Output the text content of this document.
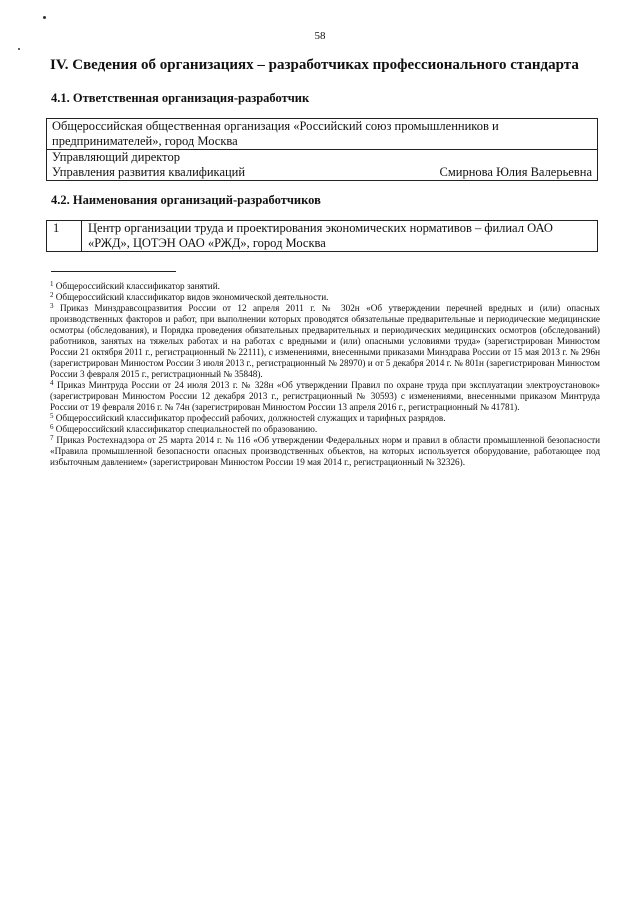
58
IV. Сведения об организациях – разработчиках профессионального стандарта
4.1. Ответственная организация-разработчик
Общероссийская общественная организация «Российский союз промышленников и предпринимателей», город Москва
Управляющий директор
Управления развития квалификаций	Смирнова Юлия Валерьевна
4.2. Наименования организаций-разработчиков
1	Центр организации труда и проектирования экономических нормативов – филиал ОАО «РЖД», ЦОТЭН ОАО «РЖД», город Москва

$^1$ Общероссийский классификатор занятий.

$^2$ Общероссийский классификатор видов экономической деятельности.

$^3$ Приказ Минздравсоцразвития России от 12 апреля 2011 г. № 302н «Об утверждении перечней вредных и (или) опасных производственных факторов и работ, при выполнении которых проводятся обязательные предварительные и периодические медицинские осмотры (обследования), и Порядка проведения обязательных предварительных и периодических медицинских осмотров (обследований) работников, занятых на тяжелых работах и на работах с вредными и (или) опасными условиями труда» (зарегистрирован Минюстом России 21 октября 2011 г., регистрационный № 22111), с изменениями, внесенными приказами Минздрава России от 15 мая 2013 г. № 296н (зарегистрирован Минюстом России 3 июля 2013 г., регистрационный № 28970) и от 5 декабря 2014 г. № 801н (зарегистрирован Минюстом России 3 февраля 2015 г., регистрационный № 35848).

$^4$ Приказ Минтруда России от 24 июля 2013 г. № 328н «Об утверждении Правил по охране труда при эксплуатации электроустановок» (зарегистрирован Минюстом России 12 декабря 2013 г., регистрационный № 30593) с изменениями, внесенными приказом Минтруда России от 19 февраля 2016 г. № 74н (зарегистрирован Минюстом России 13 апреля 2016 г., регистрационный № 41781).

$^5$ Общероссийский классификатор профессий рабочих, должностей служащих и тарифных разрядов.

$^6$ Общероссийский классификатор специальностей по образованию.

$^7$ Приказ Ростехнадзора от 25 марта 2014 г. № 116 «Об утверждении Федеральных норм и правил в области промышленной безопасности «Правила промышленной безопасности опасных производственных объектов, на которых используется оборудование, работающее под избыточным давлением» (зарегистрирован Минюстом России 19 мая 2014 г., регистрационный № 32326).
